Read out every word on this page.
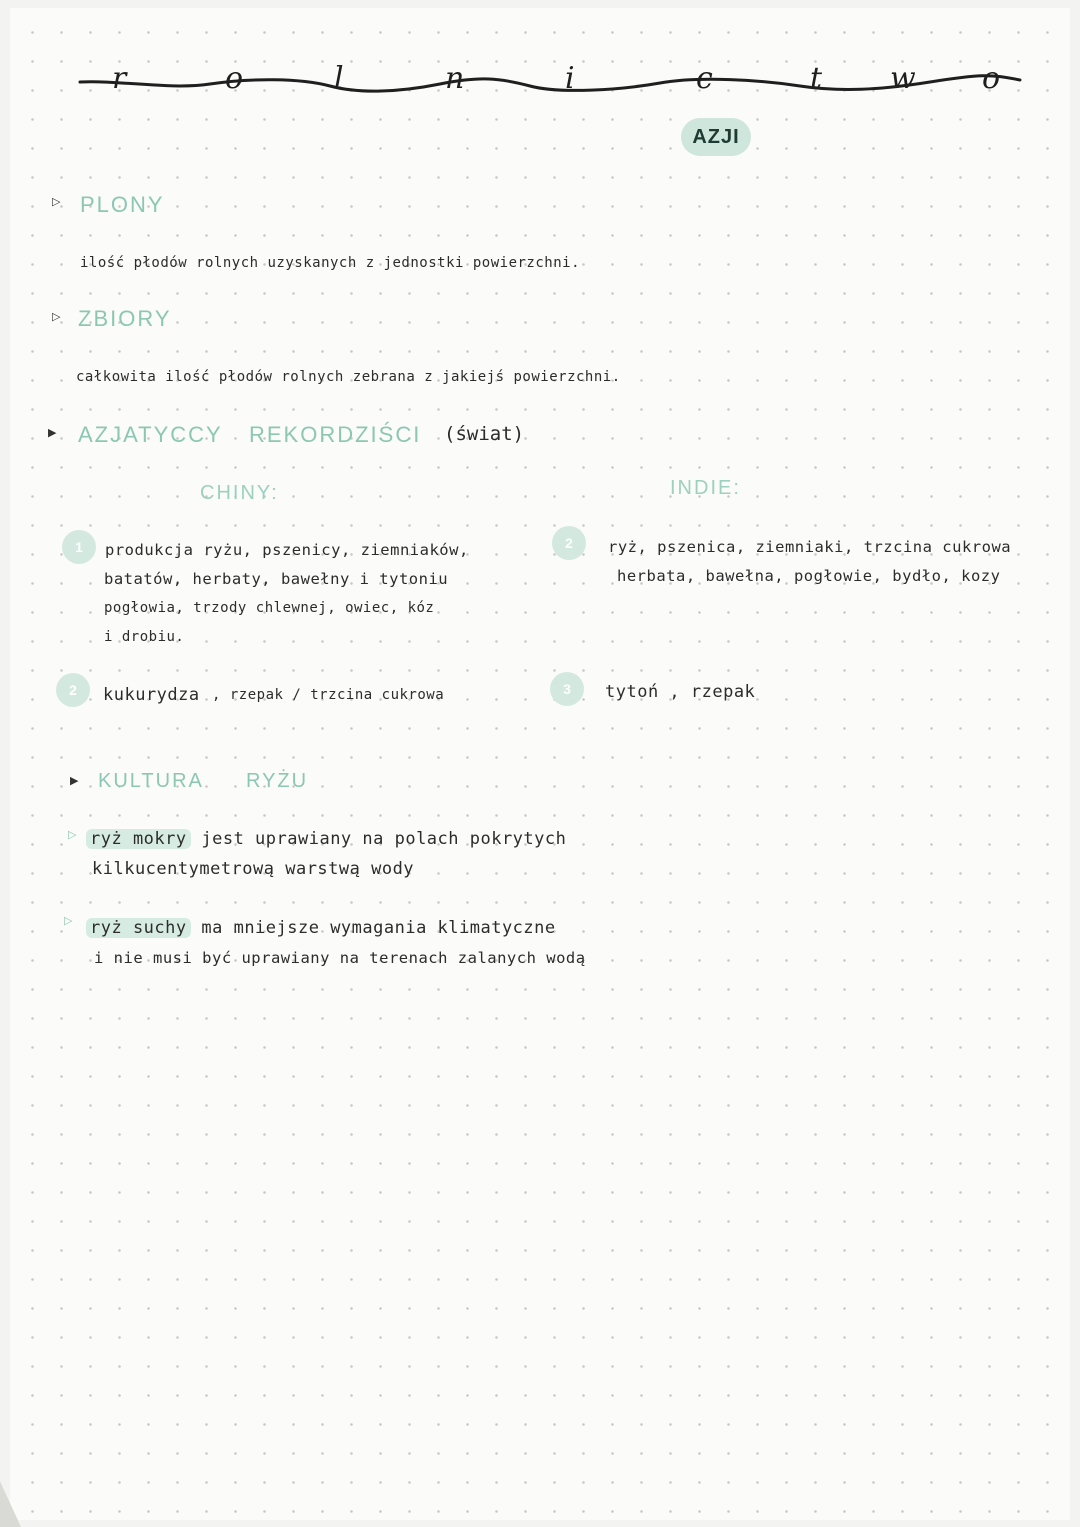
r	o	l	n	i	c	t w o
AZJI
▷ PLONY
ilość płodów rolnych uzyskanych z jednostki powierzchni.
▷ ZBIORY
całkowita ilość płodów rolnych zebrana z jakiejś powierzchni.
▶ AZJATYCCY REKORDZIŚCI (świat)
CHINY:
1	produkcja ryżu, pszenicy, ziemniaków,
batatów, herbaty, bawełny i tytoniu
pogłowia, trzody chlewnej, owiec, kóz
i drobiu.
2	kukurydza , rzepak / trzcina cukrowa
INDIE:
2	ryż, pszenica, ziemniaki, trzcina cukrowa
herbata, bawełna, pogłowie, bydło, kozy
3	tytoń , rzepak
▶ KULTURA RYŻU
▷ ryż mokry jest uprawiany na polach pokrytych
kilkucentymetrową warstwą wody
▷ ryż suchy ma mniejsze wymagania klimatyczne
i nie musi być uprawiany na terenach zalanych wodą
